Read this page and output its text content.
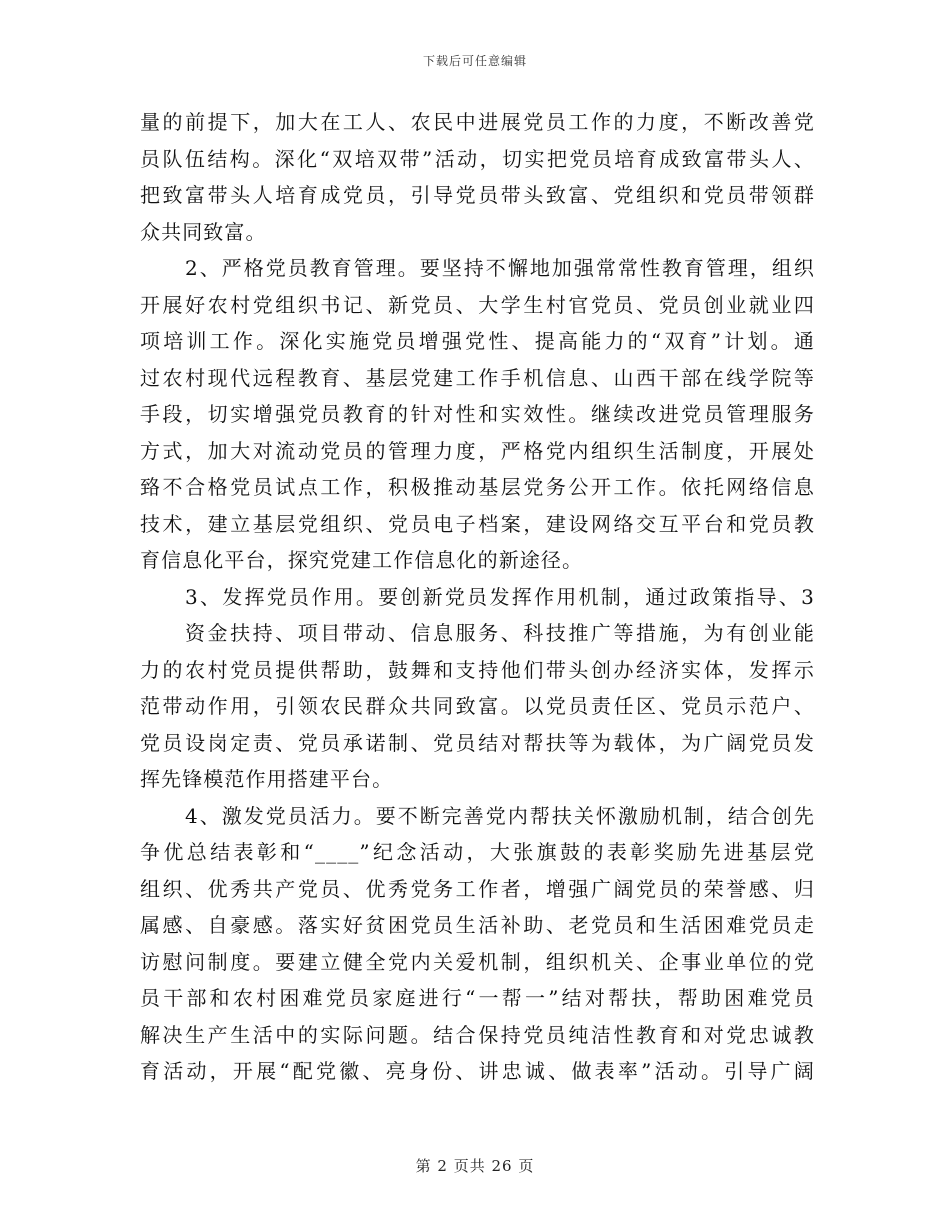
下载后可任意编辑
量的前提下，加大在工人、农民中进展党员工作的力度，不断改善党
员队伍结构。深化“双培双带”活动，切实把党员培育成致富带头人、
把致富带头人培育成党员，引导党员带头致富、党组织和党员带领群
众共同致富。
2、严格党员教育管理。要坚持不懈地加强常常性教育管理，组织
开展好农村党组织书记、新党员、大学生村官党员、党员创业就业四
项培训工作。深化实施党员增强党性、提高能力的“双育”计划。通
过农村现代远程教育、基层党建工作手机信息、山西干部在线学院等
手段，切实增强党员教育的针对性和实效性。继续改进党员管理服务
方式，加大对流动党员的管理力度，严格党内组织生活制度，开展处
臵不合格党员试点工作，积极推动基层党务公开工作。依托网络信息
技术，建立基层党组织、党员电子档案，建设网络交互平台和党员教
育信息化平台，探究党建工作信息化的新途径。
3、发挥党员作用。要创新党员发挥作用机制，通过政策指导、3
资金扶持、项目带动、信息服务、科技推广等措施，为有创业能
力的农村党员提供帮助，鼓舞和支持他们带头创办经济实体，发挥示
范带动作用，引领农民群众共同致富。以党员责任区、党员示范户、
党员设岗定责、党员承诺制、党员结对帮扶等为载体，为广阔党员发
挥先锋模范作用搭建平台。
4、激发党员活力。要不断完善党内帮扶关怀激励机制，结合创先
争优总结表彰和“____”纪念活动，大张旗鼓的表彰奖励先进基层党
组织、优秀共产党员、优秀党务工作者，增强广阔党员的荣誉感、归
属感、自豪感。落实好贫困党员生活补助、老党员和生活困难党员走
访慰问制度。要建立健全党内关爱机制，组织机关、企事业单位的党
员干部和农村困难党员家庭进行“一帮一”结对帮扶，帮助困难党员
解决生产生活中的实际问题。结合保持党员纯洁性教育和对党忠诚教
育活动，开展“配党徽、亮身份、讲忠诚、做表率”活动。引导广阔
第 2 页共 26 页
